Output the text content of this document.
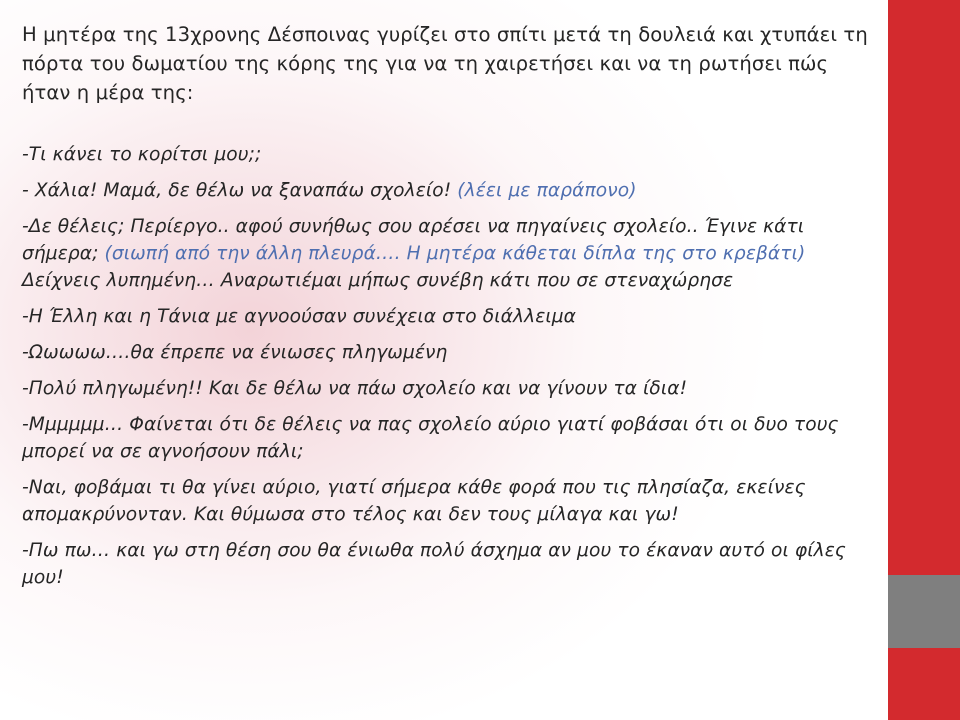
Η μητέρα της 13χρονης Δέσποινας γυρίζει στο σπίτι μετά τη δουλειά και χτυπάει τη πόρτα του δωματίου της κόρης της για να τη χαιρετήσει και να τη ρωτήσει πώς ήταν η μέρα της:

-Τι κάνει το κορίτσι μου;;

- Χάλια! Μαμά, δε θέλω να ξαναπάω σχολείο! (λέει με παράπονο)

-Δε θέλεις; Περίεργο.. αφού συνήθως σου αρέσει να πηγαίνεις σχολείο.. Έγινε κάτι σήμερα; (σιωπή από την άλλη πλευρά…. Η μητέρα κάθεται δίπλα της στο κρεβάτι) Δείχνεις λυπημένη… Αναρωτιέμαι μήπως συνέβη κάτι που σε στεναχώρησε

-Η Έλλη και η Τάνια με αγνοούσαν συνέχεια στο διάλλειμα

-Ωωωωω….θα έπρεπε να ένιωσες πληγωμένη

-Πολύ πληγωμένη!! Και δε θέλω να πάω σχολείο και να γίνουν τα ίδια!

-Μμμμμμ… Φαίνεται ότι δε θέλεις να πας σχολείο αύριο γιατί φοβάσαι ότι οι δυο τους μπορεί να σε αγνοήσουν πάλι;

-Ναι, φοβάμαι τι θα γίνει αύριο, γιατί σήμερα κάθε φορά που τις πλησίαζα, εκείνες απομακρύνονταν. Και θύμωσα στο τέλος και δεν τους μίλαγα και γω!

-Πω πω… και γω στη θέση σου θα ένιωθα πολύ άσχημα αν μου το έκαναν αυτό οι φίλες μου!
